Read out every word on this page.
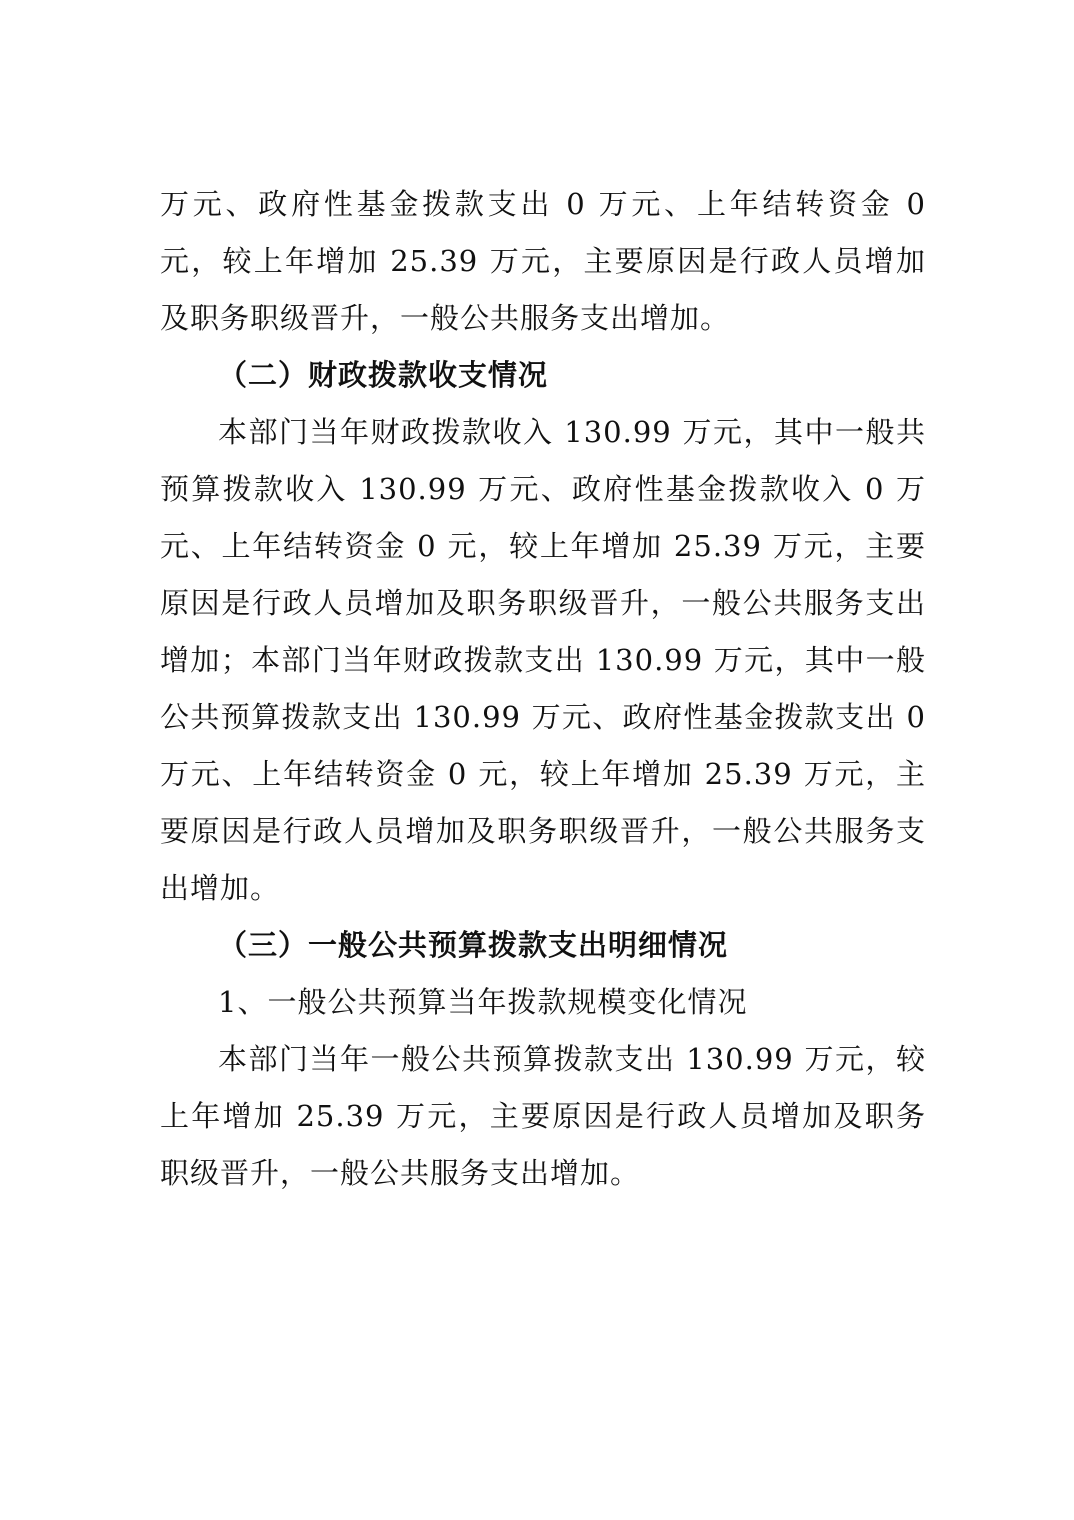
万元、政府性基金拨款支出 0 万元、上年结转资金 0 元，较上年增加 25.39 万元，主要原因是行政人员增加及职务职级晋升，一般公共服务支出增加。

（二）财政拨款收支情况

本部门当年财政拨款收入 130.99 万元，其中一般共预算拨款收入 130.99 万元、政府性基金拨款收入 0 万元、上年结转资金 0 元，较上年增加 25.39 万元，主要原因是行政人员增加及职务职级晋升，一般公共服务支出增加；本部门当年财政拨款支出 130.99 万元，其中一般公共预算拨款支出 130.99 万元、政府性基金拨款支出 0 万元、上年结转资金 0 元，较上年增加 25.39 万元，主要原因是行政人员增加及职务职级晋升，一般公共服务支出增加。

（三）一般公共预算拨款支出明细情况

1、一般公共预算当年拨款规模变化情况

本部门当年一般公共预算拨款支出 130.99 万元，较上年增加 25.39 万元，主要原因是行政人员增加及职务职级晋升，一般公共服务支出增加。
